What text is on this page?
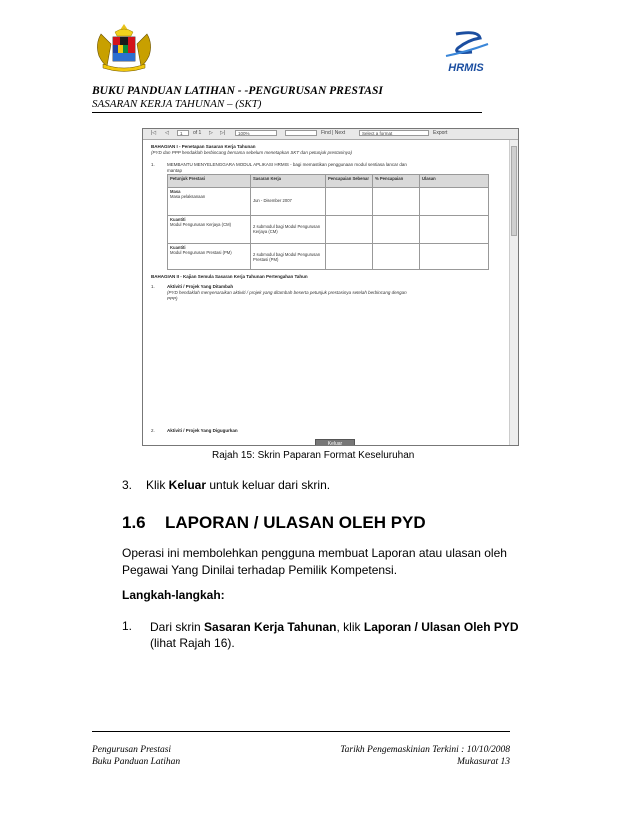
HRMIS
BUKU PANDUAN LATIHAN - -PENGURUSAN PRESTASI
SASARAN KERJA TAHUNAN – (SKT)
|◁ ◁	1	of 1 ▷ ▷|	100%	Find | Next	Select a format	Export
BAHAGIAN I - Penetapan Sasaran Kerja Tahunan
(PYD dan PPP hendaklah berbincang bersama sebelum menetapkan SKT dan petunjuk prestasinya)
1.	MEMBANTU MENYELENGGARA MODUL APLIKASI HRMIS - bagi memastikan penggunaan modul sentiasa lancar dan
mantap
Petunjuk Prestasi	Sasaran Kerja	Pencapaian Sebenar	% Pencapaian	Ulasan
Masa
Masa pelaksanaan	Jun - Disember 2007			
Kuantiti
Modul Pengurusan Kerjaya (CM)	2 submodul bagi Modul Pengurusan Kerjaya (CM)			
Kuantiti
Modul Pengurusan Prestasi (PM)	2 submodul bagi Modul Pengurusan Prestasi (PM)			
BAHAGIAN II - Kajian Semula Sasaran Kerja Tahunan Pertengahan Tahun
1.	Aktiviti / Projek Yang Ditambah
(PYD hendaklah menyenaraikan aktiviti / projek yang ditambah beserta petunjuk prestasinya setelah berbincang dengan
PPP)
2.	Aktiviti / Projek Yang Digugurkan
Keluar
Rajah 15: Skrin Paparan Format Keseluruhan
3. Klik Keluar untuk keluar dari skrin.
1.6 LAPORAN / ULASAN OLEH PYD
Operasi ini membolehkan pengguna membuat Laporan atau ulasan oleh
Pegawai Yang Dinilai terhadap Pemilik Kompetensi.
Langkah-langkah:
1. Dari skrin Sasaran Kerja Tahunan, klik Laporan / Ulasan Oleh PYD
(lihat Rajah 16).
Pengurusan Prestasi
Buku Panduan Latihan
Tarikh Pengemaskinian Terkini : 10/10/2008
Mukasurat 13
